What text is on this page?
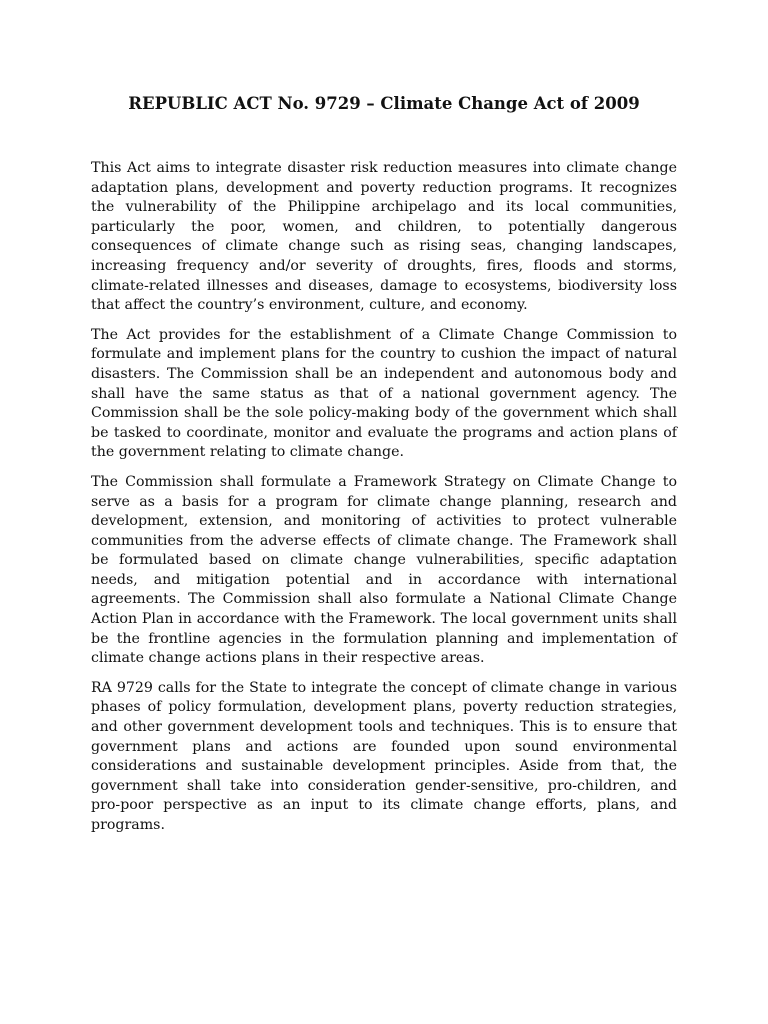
REPUBLIC ACT No. 9729 – Climate Change Act of 2009

This Act aims to integrate disaster risk reduction measures into climate change adaptation plans, development and poverty reduction programs. It recognizes the vulnerability of the Philippine archipelago and its local communities, particularly the poor, women, and children, to potentially dangerous consequences of climate change such as rising seas, changing landscapes, increasing frequency and/or severity of droughts, fires, floods and storms, climate-related illnesses and diseases, damage to ecosystems, biodiversity loss that affect the country’s environment, culture, and economy.

The Act provides for the establishment of a Climate Change Commission to formulate and implement plans for the country to cushion the impact of natural disasters. The Commission shall be an independent and autonomous body and shall have the same status as that of a national government agency. The Commission shall be the sole policy-making body of the government which shall be tasked to coordinate, monitor and evaluate the programs and action plans of the government relating to climate change.

The Commission shall formulate a Framework Strategy on Climate Change to serve as a basis for a program for climate change planning, research and development, extension, and monitoring of activities to protect vulnerable communities from the adverse effects of climate change. The Framework shall be formulated based on climate change vulnerabilities, specific adaptation needs, and mitigation potential and in accordance with international agreements. The Commission shall also formulate a National Climate Change Action Plan in accordance with the Framework. The local government units shall be the frontline agencies in the formulation planning and implementation of climate change actions plans in their respective areas.

RA 9729 calls for the State to integrate the concept of climate change in various phases of policy formulation, development plans, poverty reduction strategies, and other government development tools and techniques. This is to ensure that government plans and actions are founded upon sound environmental considerations and sustainable development principles. Aside from that, the government shall take into consideration gender-sensitive, pro-children, and pro-poor perspective as an input to its climate change efforts, plans, and programs.
